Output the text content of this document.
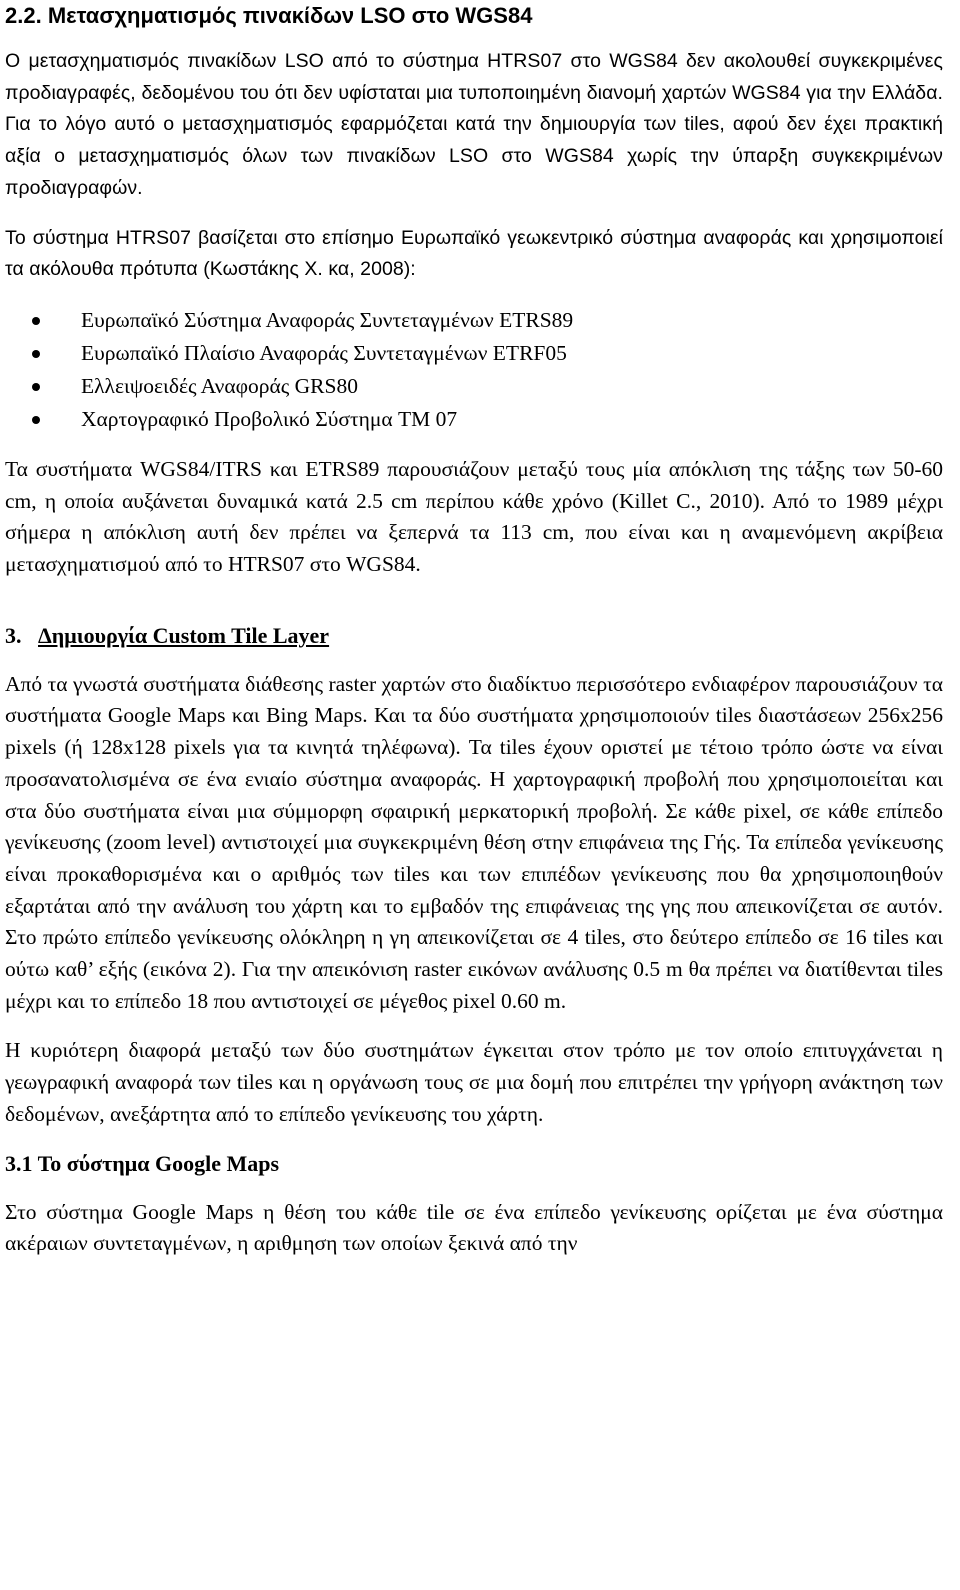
2.2. Μετασχηματισμός πινακίδων LSO στο WGS84

Ο μετασχηματισμός πινακίδων LSO από το σύστημα HTRS07 στο WGS84 δεν ακολουθεί συγκεκριμένες προδιαγραφές, δεδομένου του ότι δεν υφίσταται μια τυποποιημένη διανομή χαρτών WGS84 για την Ελλάδα. Για το λόγο αυτό ο μετασχηματισμός εφαρμόζεται κατά την δημιουργία των tiles, αφού δεν έχει πρακτική αξία ο μετασχηματισμός όλων των πινακίδων LSO στο WGS84 χωρίς την ύπαρξη συγκεκριμένων προδιαγραφών.

Το σύστημα HTRS07 βασίζεται στο επίσημο Ευρωπαϊκό γεωκεντρικό σύστημα αναφοράς και χρησιμοποιεί τα ακόλουθα πρότυπα (Κωστάκης Χ. κα, 2008):

Ευρωπαϊκό Σύστημα Αναφοράς Συντεταγμένων ETRS89
Ευρωπαϊκό Πλαίσιο Αναφοράς Συντεταγμένων ETRF05
Ελλειψοειδές Αναφοράς GRS80
Χαρτογραφικό Προβολικό Σύστημα TM 07

Τα συστήματα WGS84/ITRS και ETRS89 παρουσιάζουν μεταξύ τους μία απόκλιση της τάξης των 50-60 cm, η οποία αυξάνεται δυναμικά κατά 2.5 cm περίπου κάθε χρόνο (Killet C., 2010). Από το 1989 μέχρι σήμερα η απόκλιση αυτή δεν πρέπει να ξεπερνά τα 113 cm, που είναι και η αναμενόμενη ακρίβεια μετασχηματισμού από το HTRS07 στο WGS84.

3. Δημιουργία Custom Tile Layer

Από τα γνωστά συστήματα διάθεσης raster χαρτών στο διαδίκτυο περισσότερο ενδιαφέρον παρουσιάζουν τα συστήματα Google Maps και Bing Maps. Και τα δύο συστήματα χρησιμοποιούν tiles διαστάσεων 256x256 pixels (ή 128x128 pixels για τα κινητά τηλέφωνα). Τα tiles έχουν οριστεί με τέτοιο τρόπο ώστε να είναι προσανατολισμένα σε ένα ενιαίο σύστημα αναφοράς. Η χαρτογραφική προβολή που χρησιμοποιείται και στα δύο συστήματα είναι μια σύμμορφη σφαιρική μερκατορική προβολή. Σε κάθε pixel, σε κάθε επίπεδο γενίκευσης (zoom level) αντιστοιχεί μια συγκεκριμένη θέση στην επιφάνεια της Γής. Τα επίπεδα γενίκευσης είναι προκαθορισμένα και ο αριθμός των tiles και των επιπέδων γενίκευσης που θα χρησιμοποιηθούν εξαρτάται από την ανάλυση του χάρτη και το εμβαδόν της επιφάνειας της γης που απεικονίζεται σε αυτόν. Στο πρώτο επίπεδο γενίκευσης ολόκληρη η γη απεικονίζεται σε 4 tiles, στο δεύτερο επίπεδο σε 16 tiles και ούτω καθ’ εξής (εικόνα 2). Για την απεικόνιση raster εικόνων ανάλυσης 0.5 m θα πρέπει να διατίθενται tiles μέχρι και το επίπεδο 18 που αντιστοιχεί σε μέγεθος pixel 0.60 m.

Η κυριότερη διαφορά μεταξύ των δύο συστημάτων έγκειται στον τρόπο με τον οποίο επιτυγχάνεται η γεωγραφική αναφορά των tiles και η οργάνωση τους σε μια δομή που επιτρέπει την γρήγορη ανάκτηση των δεδομένων, ανεξάρτητα από το επίπεδο γενίκευσης του χάρτη.

3.1 Το σύστημα Google Maps

Στο σύστημα Google Maps η θέση του κάθε tile σε ένα επίπεδο γενίκευσης ορίζεται με ένα σύστημα ακέραιων συντεταγμένων, η αριθμηση των οποίων ξεκινά από την
